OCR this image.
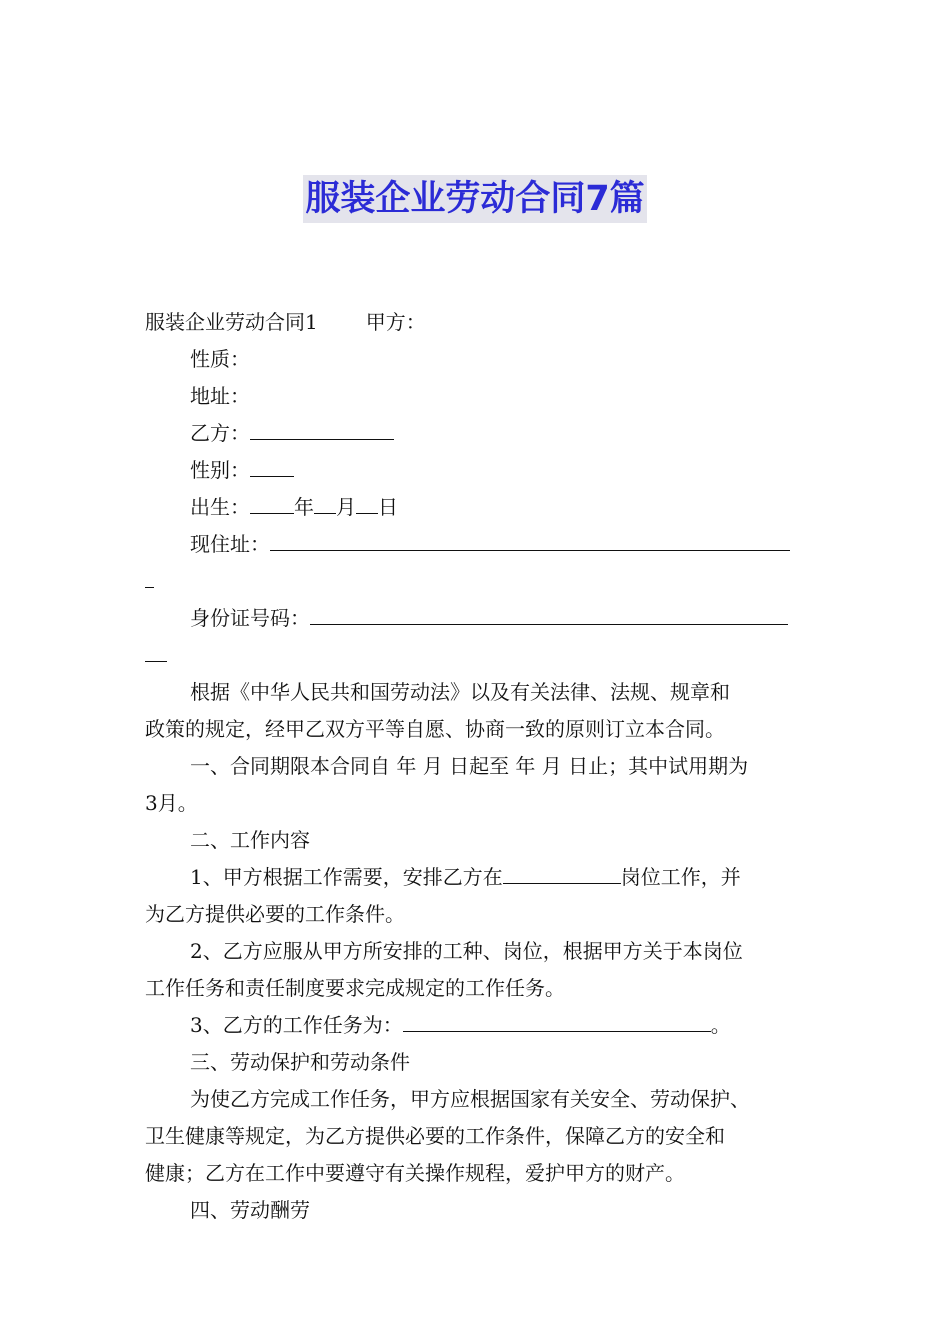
服装企业劳动合同7篇
服装企业劳动合同1 甲方：
性质：
地址：
乙方：
性别：
出生： 年 月 日
现住址：
身份证号码：
根据《中华人民共和国劳动法》以及有关法律、法规、规章和
政策的规定，经甲乙双方平等自愿、协商一致的原则订立本合同。
一、合同期限本合同自 年 月 日起至 年 月 日止；其中试用期为
3月。
二、工作内容
1、甲方根据工作需要，安排乙方在	岗位工作，并
为乙方提供必要的工作条件。
2、乙方应服从甲方所安排的工种、岗位，根据甲方关于本岗位
工作任务和责任制度要求完成规定的工作任务。
3、乙方的工作任务为：	。
三、劳动保护和劳动条件
为使乙方完成工作任务，甲方应根据国家有关安全、劳动保护、
卫生健康等规定，为乙方提供必要的工作条件，保障乙方的安全和
健康；乙方在工作中要遵守有关操作规程，爱护甲方的财产。
四、劳动酬劳
